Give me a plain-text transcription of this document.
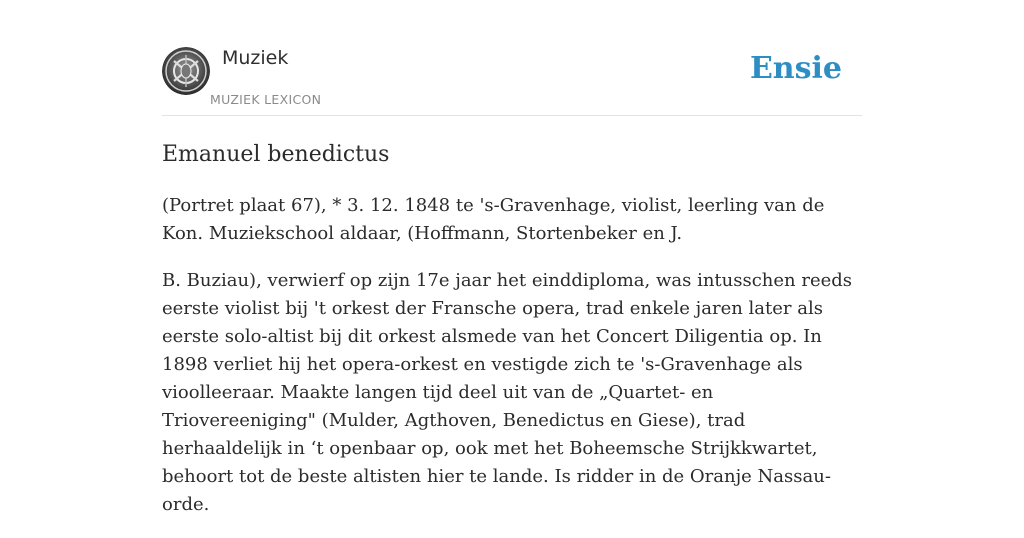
Muziek
MUZIEK LEXICON
Ensie
Emanuel benedictus

(Portret plaat 67), * 3. 12. 1848 te 's-Gravenhage, violist, leerling van de Kon. Muziekschool aldaar, (Hoffmann, Stortenbeker en J.

B. Buziau), verwierf op zijn 17e jaar het einddiploma, was intusschen reeds eerste violist bij 't orkest der Fransche opera, trad enkele jaren later als eerste solo-altist bij dit orkest alsmede van het Concert Diligentia op. In 1898 verliet hij het opera-orkest en vestigde zich te 's-Gravenhage als vioolleeraar. Maakte langen tijd deel uit van de „Quartet- en Triovereeniging" (Mulder, Agthoven, Benedictus en Giese), trad herhaaldelijk in ‘t openbaar op, ook met het Boheemsche Strijkkwartet, behoort tot de beste altisten hier te lande. Is ridder in de Oranje Nassau-orde.
